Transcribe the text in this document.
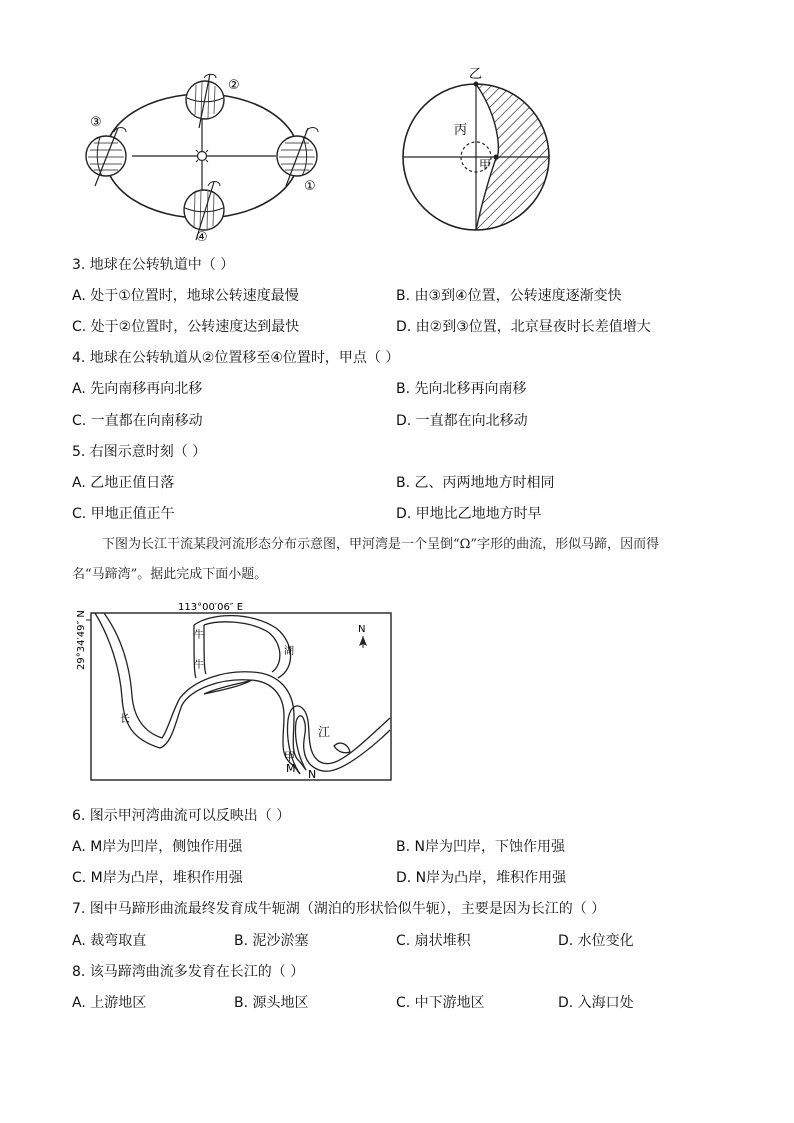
②
③
①
④
乙
丙
甲
3. 地球在公转轨道中（ ）
A. 处于①位置时，地球公转速度最慢	B. 由③到④位置，公转速度逐渐变快
C. 处于②位置时，公转速度达到最快	D. 由②到③位置，北京昼夜时长差值增大
4. 地球在公转轨道从②位置移至④位置时，甲点（ ）
A. 先向南移再向北移	B. 先向北移再向南移
C. 一直都在向南移动	D. 一直都在向北移动
5. 右图示意时刻（ ）
A. 乙地正值日落	B. 乙、丙两地地方时相同
C. 甲地正值正午	D. 甲地比乙地地方时早
下图为长江干流某段河流形态分布示意图，甲河湾是一个呈倒“Ω”字形的曲流，形似马蹄，因而得
名“马蹄湾”。据此完成下面小题。
113°00′06″ E
29°34′49″ N	牛
牛
湖
长
江
甲
M N
N
6. 图示甲河湾曲流可以反映出（ ）
A. M岸为凹岸，侧蚀作用强	B. N岸为凹岸，下蚀作用强
C. M岸为凸岸，堆积作用强	D. N岸为凸岸，堆积作用强
7. 图中马蹄形曲流最终发育成牛轭湖（湖泊的形状恰似牛轭），主要是因为长江的（ ）
A. 裁弯取直	B. 泥沙淤塞	C. 扇状堆积	D. 水位变化
8. 该马蹄湾曲流多发育在长江的（ ）
A. 上游地区	B. 源头地区	C. 中下游地区	D. 入海口处
